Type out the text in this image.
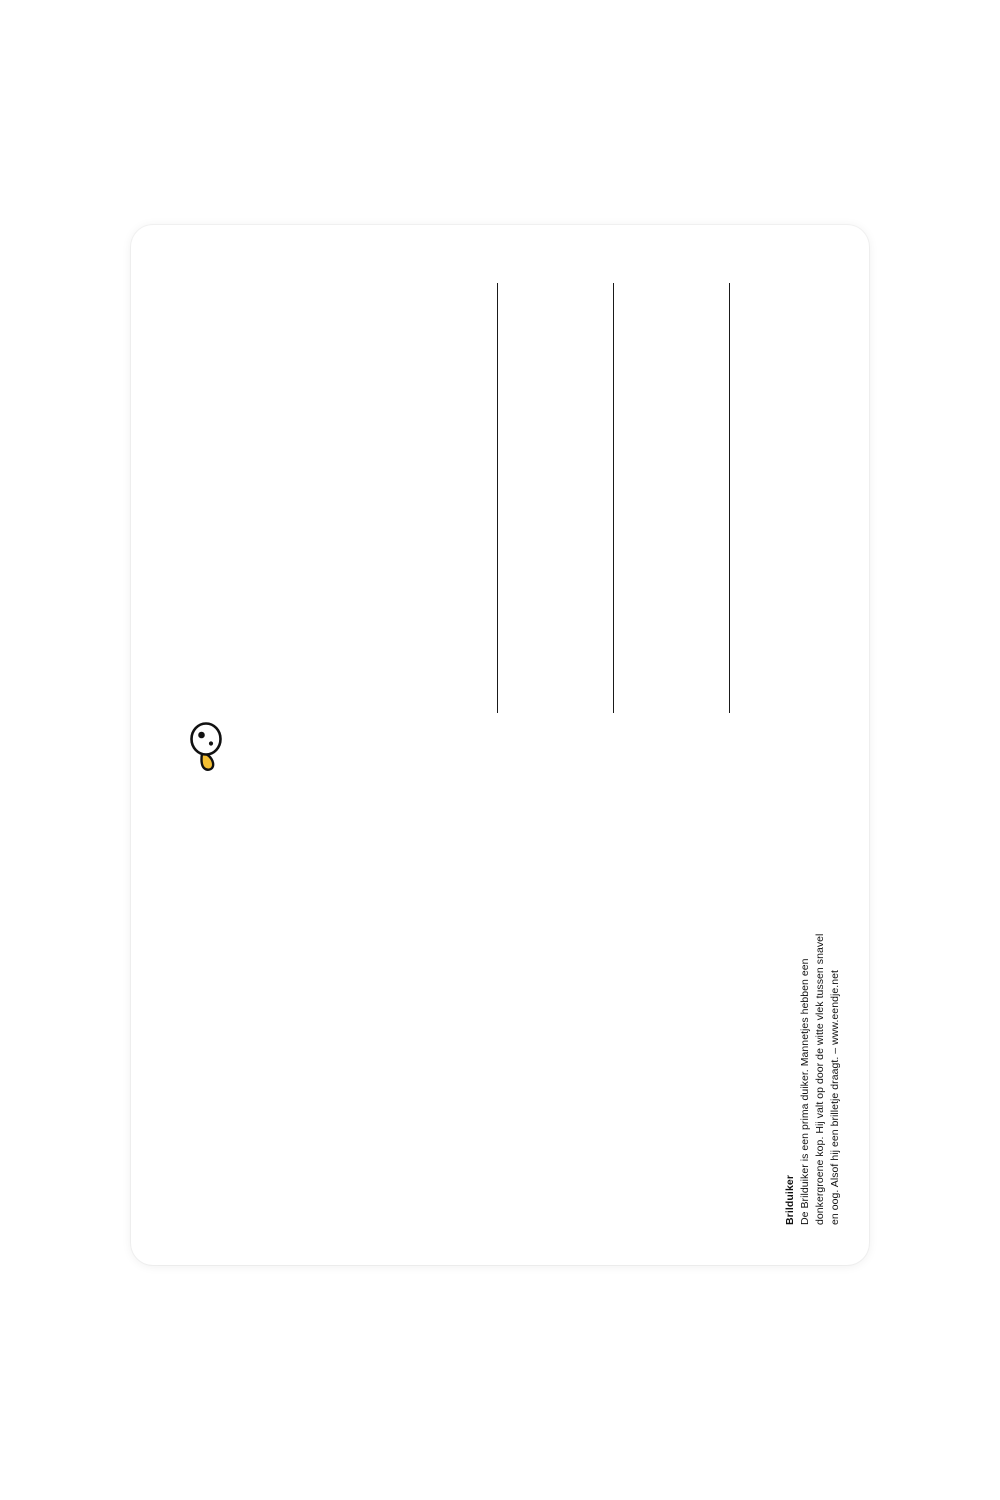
Brilduiker De Brilduiker is een prima duiker. Mannetjes hebben een donkergroene kop. Hij valt op door de witte vlek tussen snavel en oog. Alsof hij een brilletje draagt. – www.eendje.net
